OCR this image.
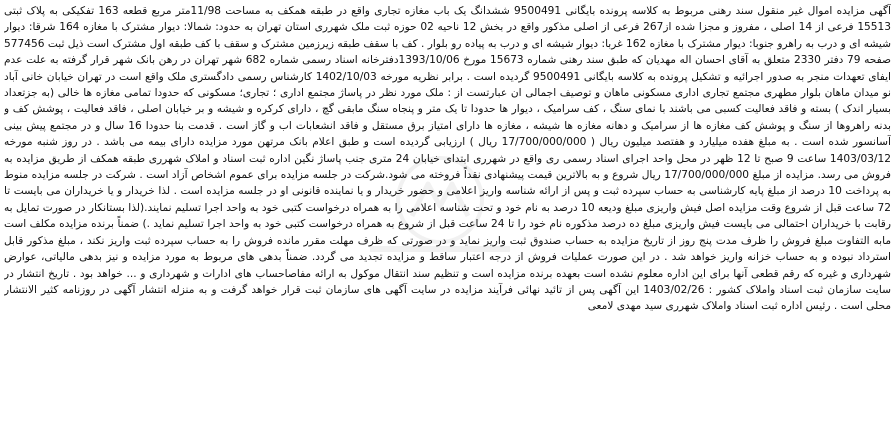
آگهی مزایده اموال غیر منقول سند رهنی مربوط به کلاسه پرونده بایگانی 9500491 ششدانگ یک باب مغازه تجاری واقع در طبقه همکف به مساحت 11/98متر مربع قطعه 163 تفکیکی به پلاک ثبتی 15513 فرعی از 14 اصلی ، مفروز و مجزا شده از267 فرعی از اصلی مذکور واقع در بخش 12 ناحیه 02 حوزه ثبت ملک شهرری استان تهران به حدود: شمالا: دیوار مشترک با مغازه 164 شرقا: دیوار شیشه ای و درب به راهرو جنوبا: دیوار مشترک با مغازه 162 غربا: دیوار شیشه ای و درب به پیاده رو بلوار . کف با سقف طبقه زیرزمین مشترک و سقف با کف طبقه اول مشترک است ذیل ثبت 577456 صفحه 79 دفتر 2330 متعلق به آقای احسان اله مهدیان که طبق سند رهنی شماره 15673 مورخ 1393/10/06دفترخانه اسناد رسمی شماره 682 شهر تهران در رهن بانک شهر قرار گرفته به علت عدم ایفای تعهدات منجر به صدور اجرائیه و تشکیل پرونده به کلاسه بایگانی 9500491 گردیده است . برابر نظریه مورخه 1402/10/03 کارشناس رسمی دادگستری ملک واقع است در تهران خیابان خانی آباد نو میدان ماهان بلوار مطهری مجتمع تجاری اداری مسکونی ماهان و توصیف اجمالی ان عبارتست از : ملک مورد نظر در پاساژ مجتمع اداری ؛ تجاری؛ مسکونی که حدودا تمامی مغازه ها خالی (به جزتعداد بسیار اندک ) بسته و فاقد فعالیت کسبی می باشند با نمای سنگ ، کف سرامیک ، دیوار ها حدودا تا یک متر و پنجاه سنگ مابقی گچ ، دارای کرکره و شیشه و بر خیابان اصلی ، فاقد فعالیت ، پوشش کف و بدنه راهروها از سنگ و پوشش کف مغازه ها از سرامیک و دهانه مغازه ها شیشه ، مغازه ها دارای امتیاز برق مستقل و فاقد انشعابات اب و گاز است . قدمت بنا حدودا 16 سال و در مجتمع پیش بینی آسانسور شده است . به مبلغ هفده میلیارد و هفتصد میلیون ریال ( 17/700/000/000 ریال ) ارزیابی گردیده است و طبق اعلام بانک مرتهن مورد مزایده دارای بیمه می باشد . در روز شنبه مورخه 1403/03/12 ساعت 9 صبح تا 12 ظهر در محل واحد اجرای اسناد رسمی ری واقع در شهرری ابتدای خیابان 24 متری جنب پاساژ نگین اداره ثبت اسناد و املاک شهرری طبقه همکف از طریق مزایده به فروش می رسد. مزایده از مبلغ 17/700/000/000 ریال شروع و به بالاترین قیمت پیشنهادی نقداً فروخته می شود.شرکت در جلسه مزایده برای عموم اشخاص آزاد است . شرکت در جلسه مزایده منوط به پرداخت 10 درصد از مبلغ پایه کارشناسی به حساب سپرده ثبت و پس از ارائه شناسه واریز اعلامی و حضور خریدار و یا نماینده قانونی او در جلسه مزایده است . لذا خریدار و یا خریداران می بایست تا 72 ساعت قبل از شروع وقت مزایده اصل فیش واریزی مبلغ ودیعه 10 درصد به نام خود و تحت شناسه اعلامی را به همراه درخواست کتبی خود به واحد اجرا تسلیم نمایند.(لذا بستانکار در صورت تمایل به رقابت با خریداران احتمالی می بایست فیش واریزی مبلغ ده درصد مذکوره نام خود را تا 24 ساعت قبل از شروع به همراه درخواست کتبی خود به واحد اجرا تسلیم نماید .) ضمناً برنده مزایده مکلف است مابه التفاوت مبلغ فروش را ظرف مدت پنج روز از تاریخ مزایده به حساب صندوق ثبت واریز نماید و در صورتی که ظرف مهلت مقرر مانده فروش را به حساب سپرده ثبت واریز نکند ، مبلغ مذکور قابل استرداد نبوده و به حساب خزانه واریز خواهد شد . در این صورت عملیات فروش از درجه اعتبار ساقط و مزایده تجدید می گردد. ضمناً بدهی های مربوط به مورد مزایده و نیز بدهی مالیاتی، عوارض شهرداری و غیره که رقم قطعی آنها برای این اداره معلوم نشده است بعهده برنده مزایده است و تنظیم سند انتقال موکول به ارائه مفاصاحساب های ادارات و شهرداری و ... خواهد بود . تاریخ انتشار در سایت سازمان ثبت اسناد واملاک کشور : 1403/02/26 این آگهی پس از تائید نهائی فرآیند مزایده در سایت آگهی های سازمان ثبت قرار خواهد گرفت و به منزله انتشار آگهی در روزنامه کثیر الانتشار محلی است . رئیس اداره ثبت اسناد واملاک شهرری سید مهدی لامعی
